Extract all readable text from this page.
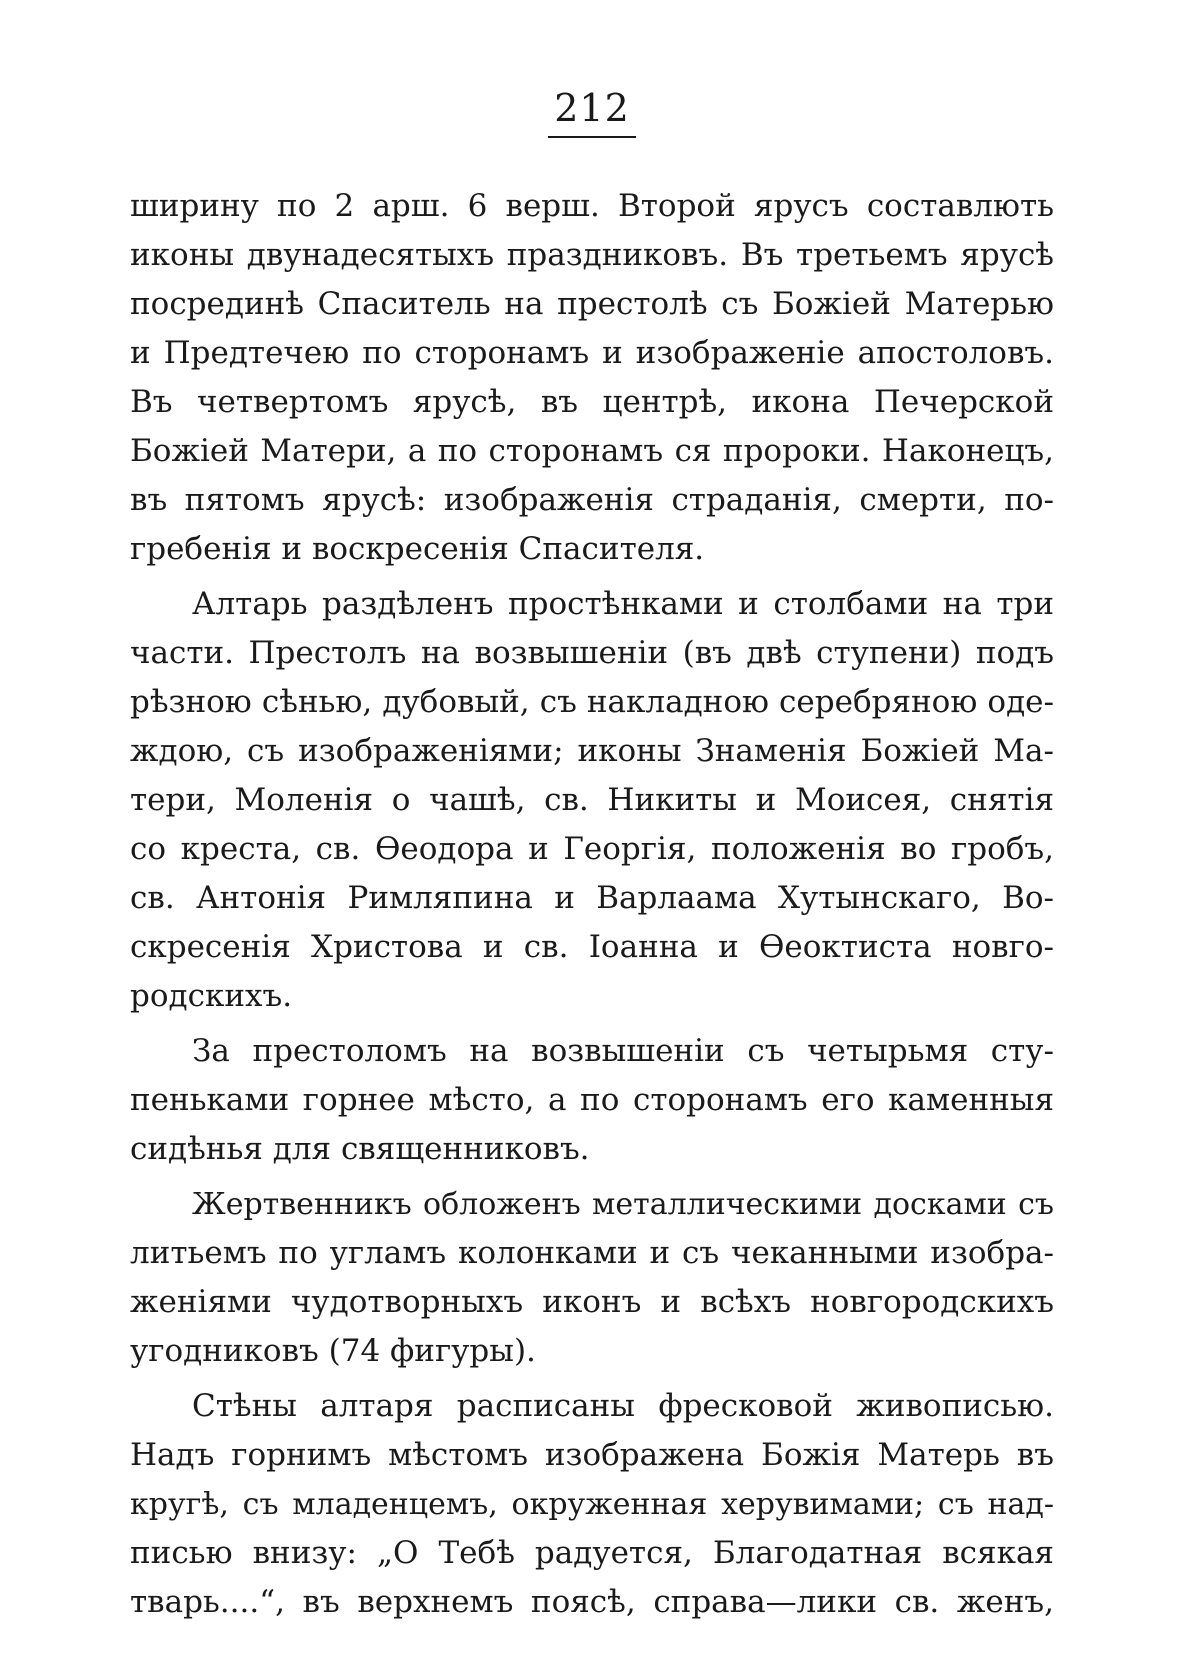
212
ширину по 2 арш. 6 верш. Второй ярусъ составлють
иконы двунадесятыхъ праздниковъ. Въ третьемъ ярусѣ
посрединѣ Спаситель на престолѣ съ Божіей Матерью
и Предтечею по сторонамъ и изображеніе апостоловъ.
Въ четвертомъ ярусѣ, въ центрѣ, икона Печерской
Божіей Матери, а по сторонамъ ся пророки. Наконецъ,
въ пятомъ ярусѣ: изображенія страданія, смерти, по-
гребенія и воскресенія Спасителя.
Алтарь раздѣленъ простѣнками и столбами на три
части. Престолъ на возвышеніи (въ двѣ ступени) подъ
рѣзною сѣнью, дубовый, съ накладною серебряною оде-
ждою, съ изображеніями; иконы Знаменія Божіей Ма-
тери, Моленія о чашѣ, св. Никиты и Моисея, снятія
со креста, св. Өеодора и Георгія, положенія во гробъ,
св. Антонія Римляпина и Варлаама Хутынскаго, Во-
скресенія Христова и св. Іоанна и Өеоктиста новго-
родскихъ.
За престоломъ на возвышеніи съ четырьмя сту-
пеньками горнее мѣсто, а по сторонамъ его каменныя
сидѣнья для священниковъ.
Жертвенникъ обложенъ металлическими досками съ
литьемъ по угламъ колонками и съ чеканными изобра-
женіями чудотворныхъ иконъ и всѣхъ новгородскихъ
угодниковъ (74 фигуры).
Стѣны алтаря расписаны фресковой живописью.
Надъ горнимъ мѣстомъ изображена Божія Матерь въ
кругѣ, съ младенцемъ, окруженная херувимами; съ над-
писью внизу: „О Тебѣ радуется, Благодатная всякая
тварь....“, въ верхнемъ поясѣ, справа—лики св. женъ,
